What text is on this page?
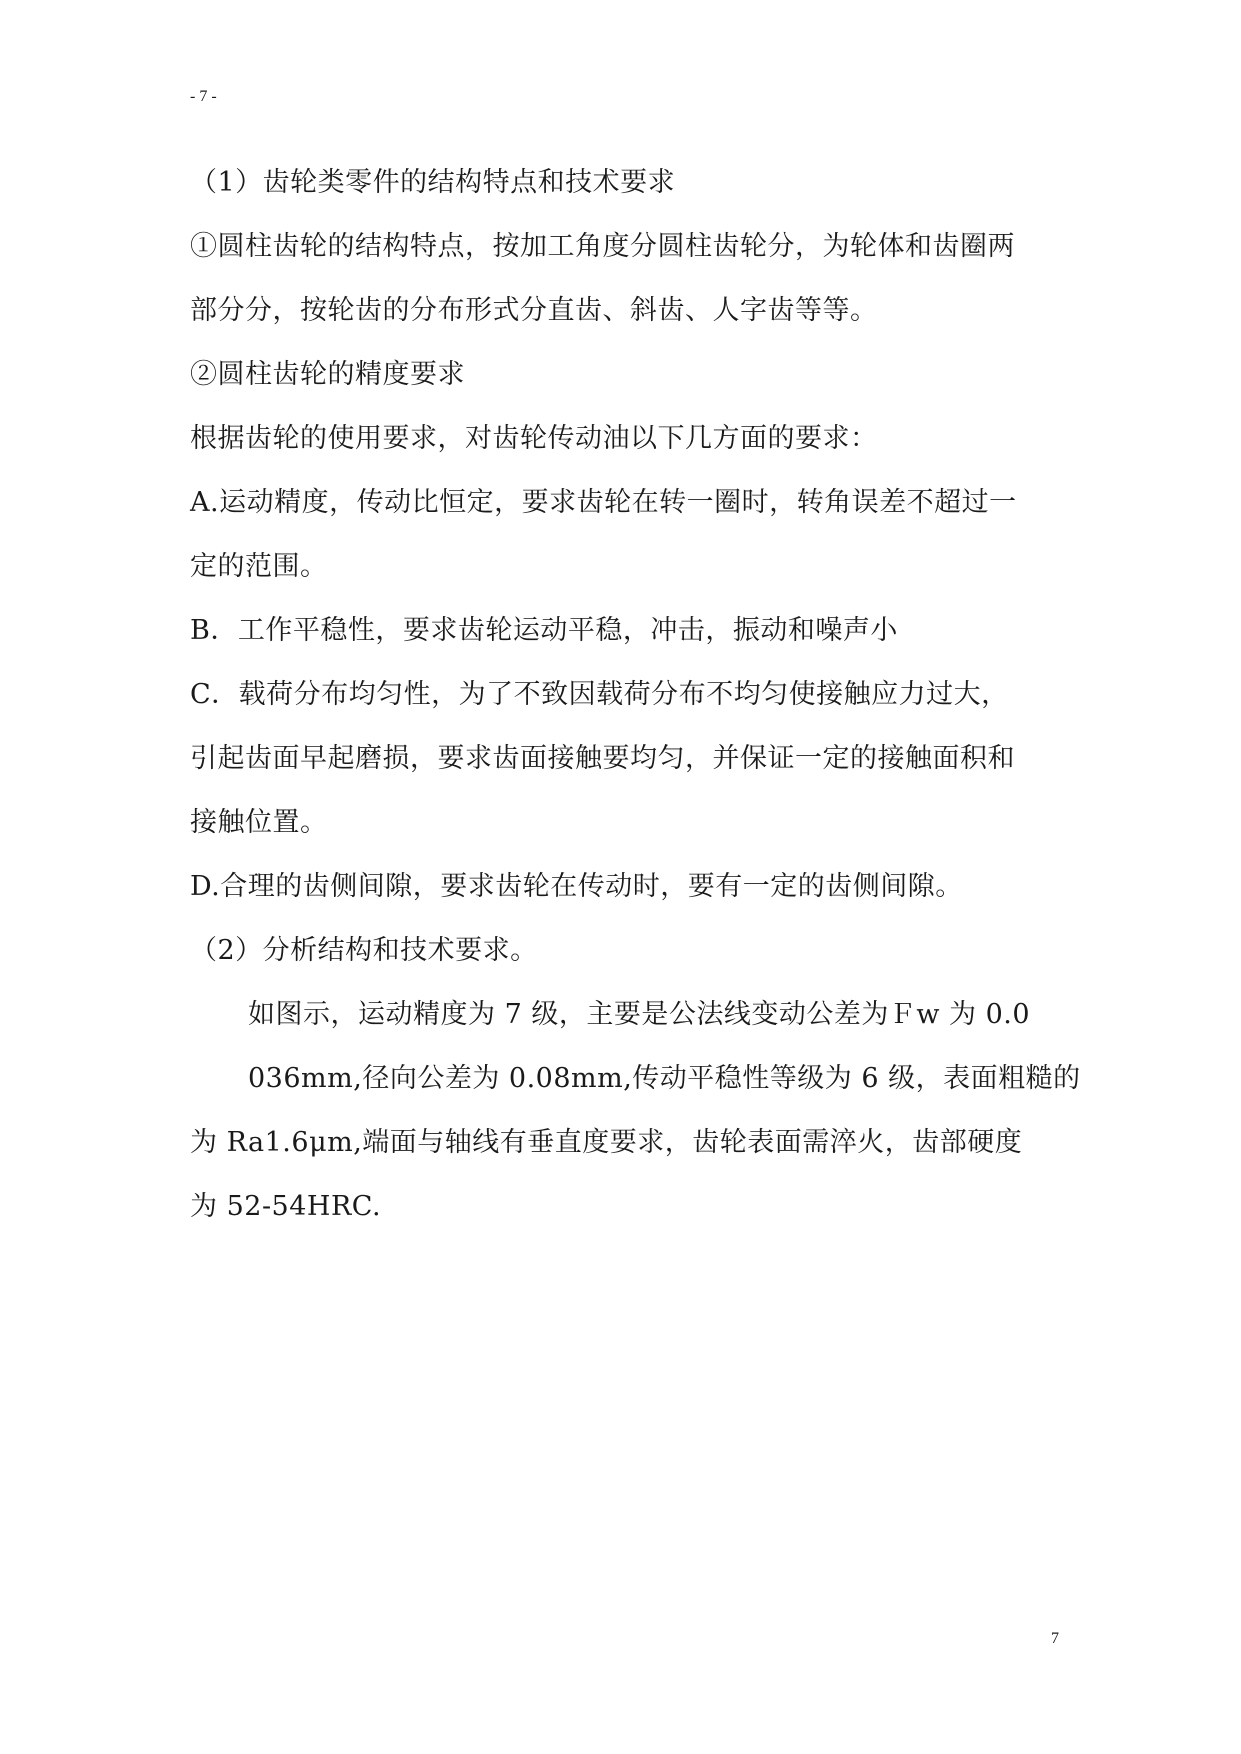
- 7 -
（1）齿轮类零件的结构特点和技术要求
①圆柱齿轮的结构特点，按加工角度分圆柱齿轮分，为轮体和齿圈两
部分分，按轮齿的分布形式分直齿、斜齿、人字齿等等。
②圆柱齿轮的精度要求
根据齿轮的使用要求，对齿轮传动油以下几方面的要求：
A.运动精度，传动比恒定，要求齿轮在转一圈时，转角误差不超过一
定的范围。
B．工作平稳性，要求齿轮运动平稳，冲击，振动和噪声小
C．载荷分布均匀性，为了不致因载荷分布不均匀使接触应力过大，
引起齿面早起磨损，要求齿面接触要均匀，并保证一定的接触面积和
接触位置。
D.合理的齿侧间隙，要求齿轮在传动时，要有一定的齿侧间隙。
（2）分析结构和技术要求。
如图示，运动精度为 7 级，主要是公法线变动公差为Ｆw 为 0.0
036mm,径向公差为 0.08mm,传动平稳性等级为 6 级，表面粗糙的
为 Ra1.6μm,端面与轴线有垂直度要求，齿轮表面需淬火，齿部硬度
为 52-54HRC.
7
